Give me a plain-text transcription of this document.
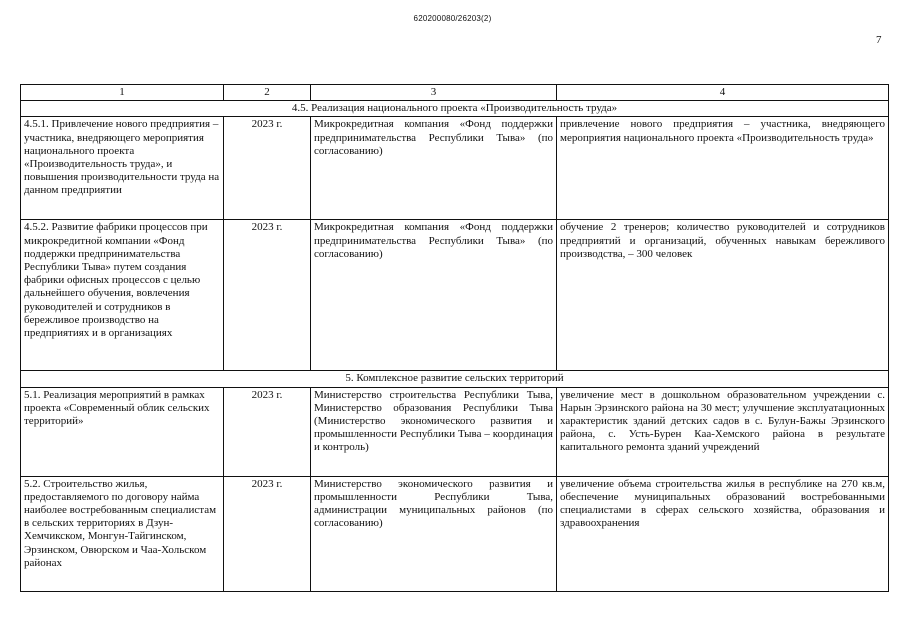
620200080/26203(2)
7
1	2	3	4
4.5. Реализация национального проекта «Производительность труда»			
4.5.1. Привлечение нового предприятия – участника, внедряющего мероприятия национального проекта «Производительность труда», и повышения производительности труда на данном предприятии	2023 г.	Микрокредитная компания «Фонд поддержки предпринимательства Республики Тыва» (по согласованию)	привлечение нового предприятия – участника, внедряющего мероприятия национального проекта «Производительность труда»
4.5.2. Развитие фабрики процессов при микрокредитной компании «Фонд поддержки предпринимательства Республики Тыва» путем создания фабрики офисных процессов с целью дальнейшего обучения, вовлечения руководителей и сотрудников в бережливое производство на предприятиях и в организациях	2023 г.	Микрокредитная компания «Фонд поддержки предпринимательства Республики Тыва» (по согласованию)	обучение 2 тренеров; количество руководителей и сотрудников предприятий и организаций, обученных навыкам бережливого производства, – 300 человек
5. Комплексное развитие сельских территорий			
5.1. Реализация мероприятий в рамках проекта «Современный облик сельских территорий»	2023 г.	Министерство строительства Республики Тыва, Министерство образования Республики Тыва (Министерство экономического развития и промышленности Республики Тыва – координация и контроль)	увеличение мест в дошкольном образовательном учреждении с. Нарын Эрзинского района на 30 мест; улучшение эксплуатационных характеристик зданий детских садов в с. Булун-Бажы Эрзинского района, с. Усть-Бурен Каа-Хемского района в результате капитального ремонта зданий учреждений
5.2. Строительство жилья, предоставляемого по договору найма наиболее востребованным специалистам в сельских территориях в Дзун-Хемчикском, Монгун-Тайгинском, Эрзинском, Овюрском и Чаа-Хольском районах	2023 г.	Министерство экономического развития и промышленности Республики Тыва, администрации муниципальных районов (по согласованию)	увеличение объема строительства жилья в республике на 270 кв.м, обеспечение муниципальных образований востребованными специалистами в сферах сельского хозяйства, образования и здравоохранения
